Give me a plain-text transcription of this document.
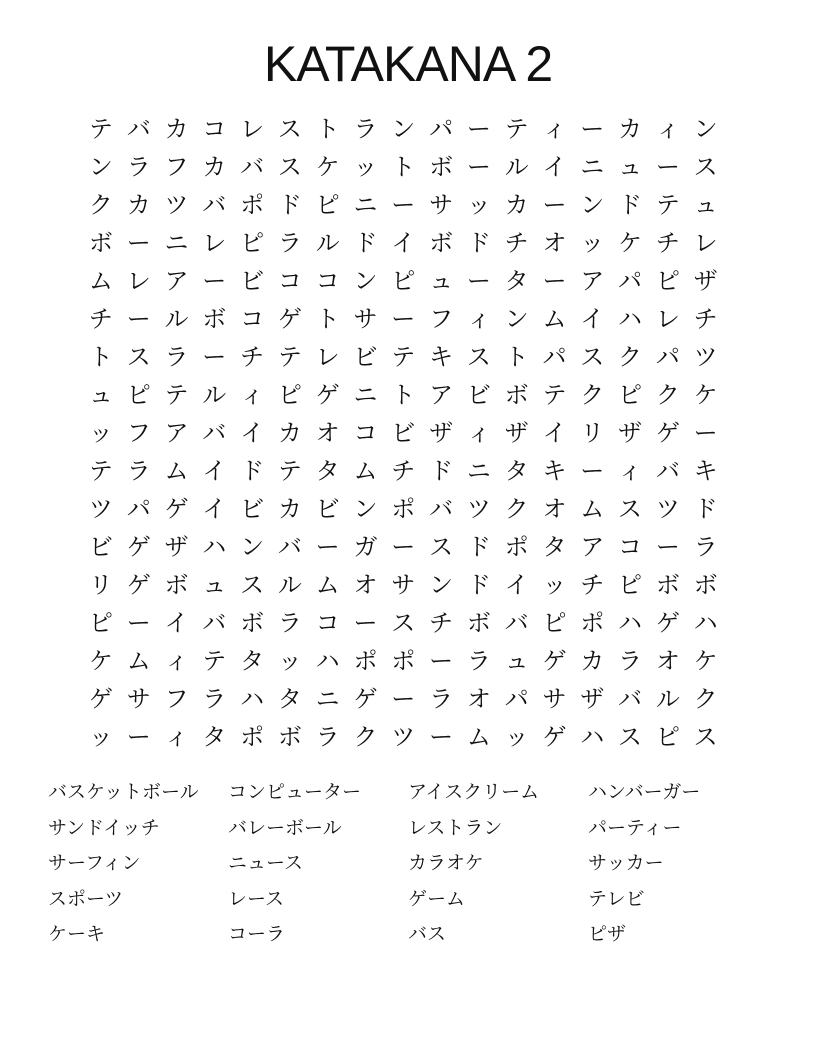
KATAKANA 2
テ バ カ コ レ ス ト ラ ン パ ー テ ィ ー カ ィ ン
ン ラ フ カ バ ス ケ ッ ト ボ ー ル イ ニ ュ ー ス
ク カ ツ バ ポ ド ピ ニ ー サ ッ カ ー ン ド テ ュ
ボ ー ニ レ ピ ラ ル ド イ ボ ド チ オ ッ ケ チ レ
ム レ ア ー ビ コ コ ン ピ ュ ー タ ー ア パ ピ ザ
チ ー ル ボ コ ゲ ト サ ー フ ィ ン ム イ ハ レ チ
ト ス ラ ー チ テ レ ビ テ キ ス ト パ ス ク パ ツ
ュ ピ テ ル ィ ピ ゲ ニ ト ア ビ ボ テ ク ピ ク ケ
ッ フ ア バ イ カ オ コ ビ ザ ィ ザ イ リ ザ ゲ ー
テ ラ ム イ ド テ タ ム チ ド ニ タ キ ー ィ バ キ
ツ パ ゲ イ ビ カ ビ ン ポ バ ツ ク オ ム ス ツ ド
ビ ゲ ザ ハ ン バ ー ガ ー ス ド ポ タ ア コ ー ラ
リ ゲ ボ ュ ス ル ム オ サ ン ド イ ッ チ ピ ボ ボ
ピ ー イ バ ボ ラ コ ー ス チ ボ バ ピ ポ ハ ゲ ハ
ケ ム ィ テ タ ッ ハ ポ ポ ー ラ ュ ゲ カ ラ オ ケ
ゲ サ フ ラ ハ タ ニ ゲ ー ラ オ パ サ ザ バ ル ク
ッ ー ィ タ ポ ボ ラ ク ツ ー ム ッ ゲ ハ ス ピ ス
バスケットボール	コンピューター	アイスクリーム	ハンバーガー
サンドイッチ	バレーボール	レストラン	パーティー
サーフィン	ニュース	カラオケ	サッカー
スポーツ	レース	ゲーム	テレビ
ケーキ	コーラ	バス	ピザ
